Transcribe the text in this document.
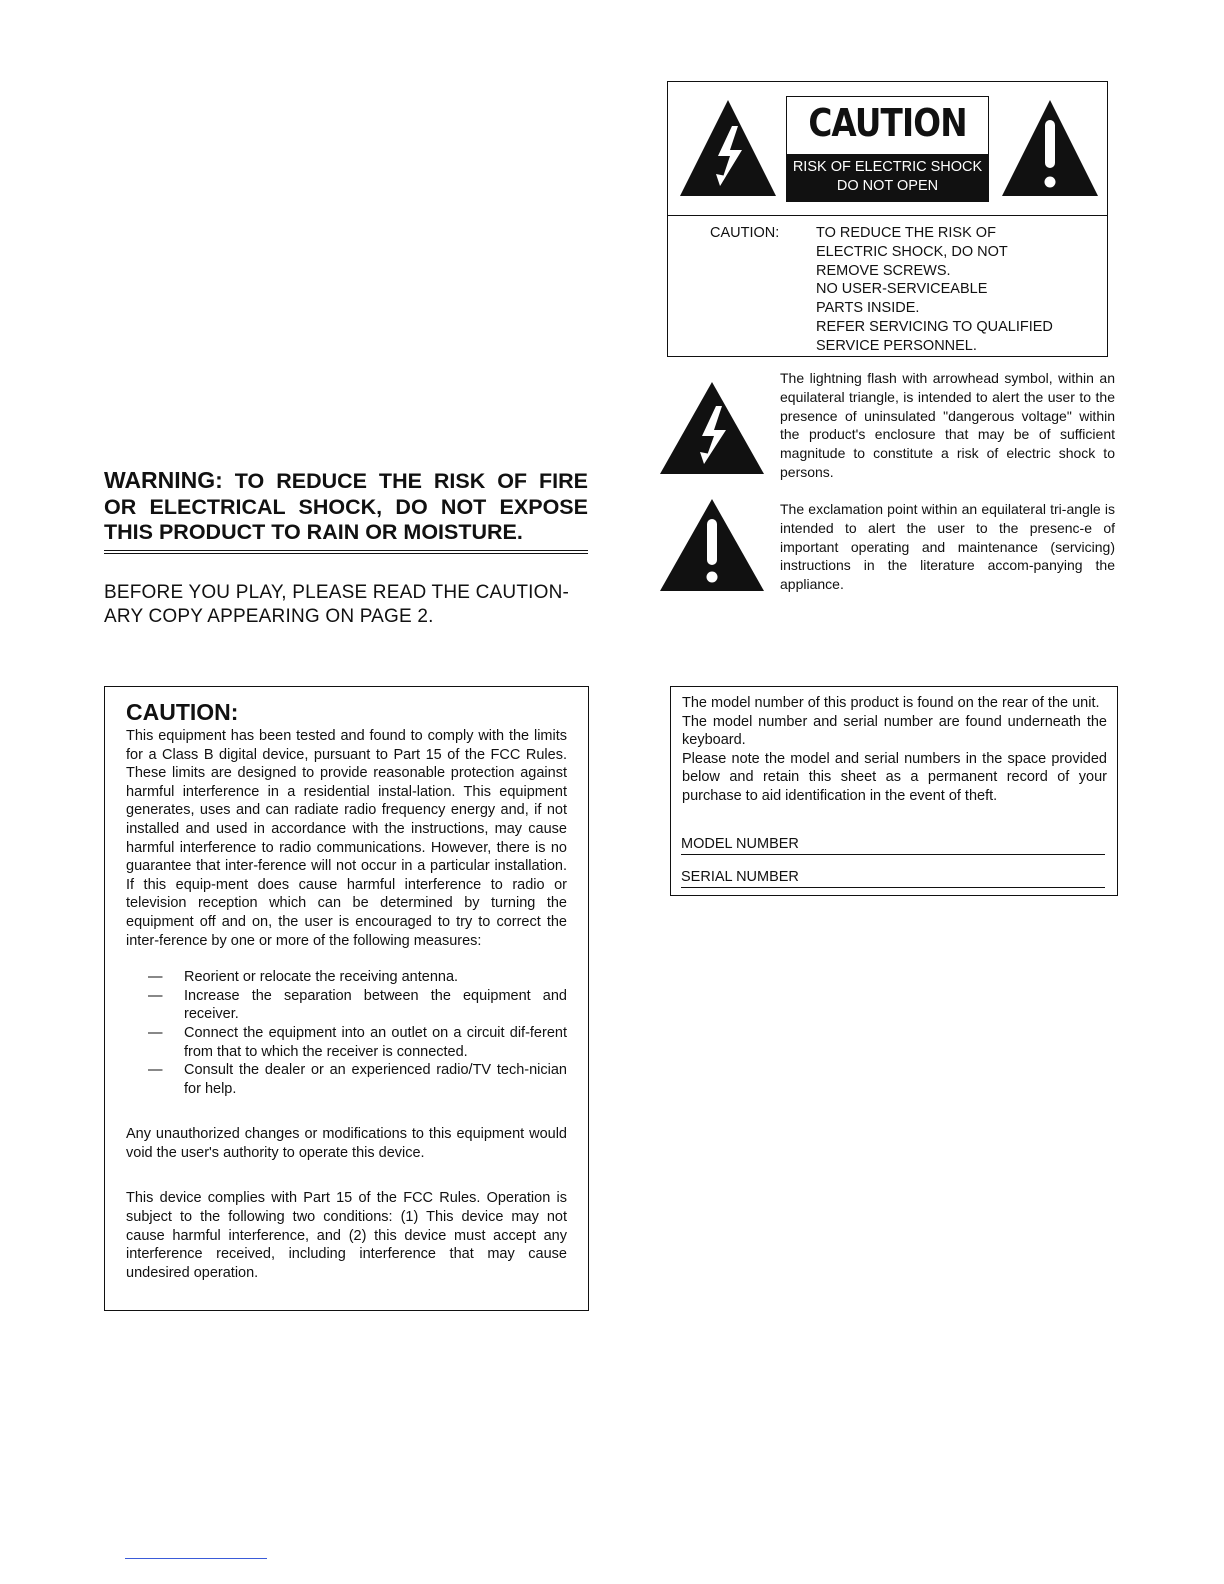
CAUTION
RISK OF ELECTRIC SHOCK
DO NOT OPEN
CAUTION:	TO REDUCE THE RISK OF
ELECTRIC SHOCK, DO NOT
REMOVE SCREWS.
NO USER-SERVICEABLE
PARTS INSIDE.
REFER SERVICING TO QUALIFIED
SERVICE PERSONNEL.
The lightning flash with arrowhead symbol, within an equilateral triangle, is intended to alert the user to the presence of uninsulated "dangerous voltage" within the product's enclosure that may be of sufficient magnitude to constitute a risk of electric shock to persons.
The exclamation point within an equilateral tri-angle is intended to alert the user to the presenc-e of important operating and maintenance (servicing) instructions in the literature accom-panying the appliance.
WARNING: TO REDUCE THE RISK OF FIRE
OR ELECTRICAL SHOCK, DO NOT EXPOSE
THIS PRODUCT TO RAIN OR MOISTURE.
BEFORE YOU PLAY, PLEASE READ THE CAUTION-
ARY COPY APPEARING ON PAGE 2.
CAUTION:

This equipment has been tested and found to comply with the limits for a Class B digital device, pursuant to Part 15 of the FCC Rules. These limits are designed to provide reasonable protection against harmful interference in a residential instal-lation. This equipment generates, uses and can radiate radio frequency energy and, if not installed and used in accordance with the instructions, may cause harmful interference to radio communications. However, there is no guarantee that inter-ference will not occur in a particular installation. If this equip-ment does cause harmful interference to radio or television reception which can be determined by turning the equipment off and on, the user is encouraged to try to correct the inter-ference by one or more of the following measures:

— Reorient or relocate the receiving antenna.
— Increase the separation between the equipment and receiver.
— Connect the equipment into an outlet on a circuit dif-ferent from that to which the receiver is connected.
— Consult the dealer or an experienced radio/TV tech-nician for help.

Any unauthorized changes or modifications to this equipment would void the user's authority to operate this device.

This device complies with Part 15 of the FCC Rules. Operation is subject to the following two conditions: (1) This device may not cause harmful interference, and (2) this device must accept any interference received, including interference that may cause undesired operation.

The model number of this product is found on the rear of the unit.

The model number and serial number are found underneath the keyboard.

Please note the model and serial numbers in the space provided below and retain this sheet as a permanent record of your purchase to aid identification in the event of theft.

MODEL NUMBER
SERIAL NUMBER
